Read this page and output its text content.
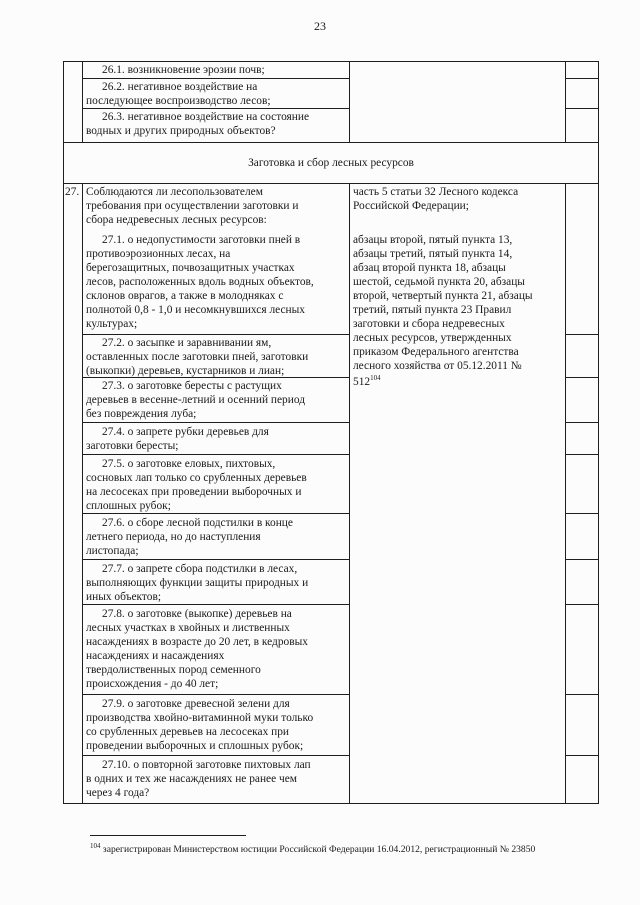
23
26.1. возникновение эрозии почв;
26.2. негативное воздействие на
последующее воспроизводство лесов;
26.3. негативное воздействие на состояние
водных и других природных объектов?
Заготовка и сбор лесных ресурсов
27. Соблюдаются ли лесопользователем
требования при осуществлении заготовки и
сбора недревесных лесных ресурсов:
27.1. о недопустимости заготовки пней в
противоэрозионных лесах, на
берегозащитных, почвозащитных участках
лесов, расположенных вдоль водных объектов,
склонов оврагов, а также в молодняках с
полнотой 0,8 - 1,0 и несомкнувшихся лесных
культурах;
27.2. о засыпке и заравнивании ям,
оставленных после заготовки пней, заготовки
(выкопки) деревьев, кустарников и лиан;
27.3. о заготовке бересты с растущих
деревьев в весенне-летний и осенний период
без повреждения луба;
27.4. о запрете рубки деревьев для
заготовки бересты;
27.5. о заготовке еловых, пихтовых,
сосновых лап только со срубленных деревьев
на лесосеках при проведении выборочных и
сплошных рубок;
27.6. о сборе лесной подстилки в конце
летнего периода, но до наступления
листопада;
27.7. о запрете сбора подстилки в лесах,
выполняющих функции защиты природных и
иных объектов;
27.8. о заготовке (выкопке) деревьев на
лесных участках в хвойных и лиственных
насаждениях в возрасте до 20 лет, в кедровых
насаждениях и насаждениях
твердолиственных пород семенного
происхождения - до 40 лет;
27.9. о заготовке древесной зелени для
производства хвойно-витаминной муки только
со срубленных деревьев на лесосеках при
проведении выборочных и сплошных рубок;
27.10. о повторной заготовке пихтовых лап
в одних и тех же насаждениях не ранее чем
через 4 года?
часть 5 статьи 32 Лесного кодекса
Российской Федерации;
абзацы второй, пятый пункта 13,
абзацы третий, пятый пункта 14,
абзац второй пункта 18, абзацы
шестой, седьмой пункта 20, абзацы
второй, четвертый пункта 21, абзацы
третий, пятый пункта 23 Правил
заготовки и сбора недревесных
лесных ресурсов, утвержденных
приказом Федерального агентства
лесного хозяйства от 05.12.2011 №
$512^{104}$
$^{104}$ зарегистрирован Министерством юстиции Российской Федерации 16.04.2012, регистрационный № 23850
